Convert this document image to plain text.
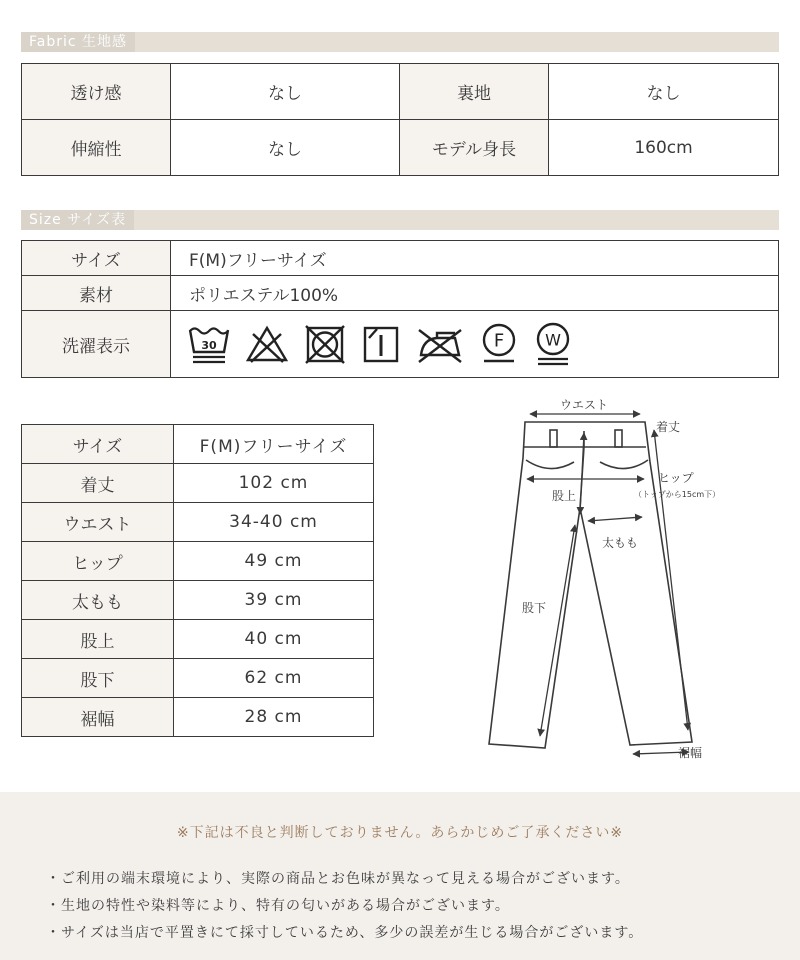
Fabric 生地感
透け感	なし	裏地	なし
伸縮性	なし	モデル身長	160cm
Size サイズ表
サイズ	F(M)フリーサイズ
素材	ポリエステル100%
洗濯表示	30 F W
サイズ	F(M)フリーサイズ
着丈	102 cm
ウエスト	34-40 cm
ヒップ	49 cm
太もも	39 cm
股上	40 cm
股下	62 cm
裾幅	28 cm
ウエスト
着丈
ヒップ
（トップから15cm下）
股上
太もも
股下
裾幅
※下記は不良と判断しておりません。あらかじめご了承ください※
・ご利用の端末環境により、実際の商品とお色味が異なって見える場合がございます。
・生地の特性や染料等により、特有の匂いがある場合がございます。
・サイズは当店で平置きにて採寸しているため、多少の誤差が生じる場合がございます。
